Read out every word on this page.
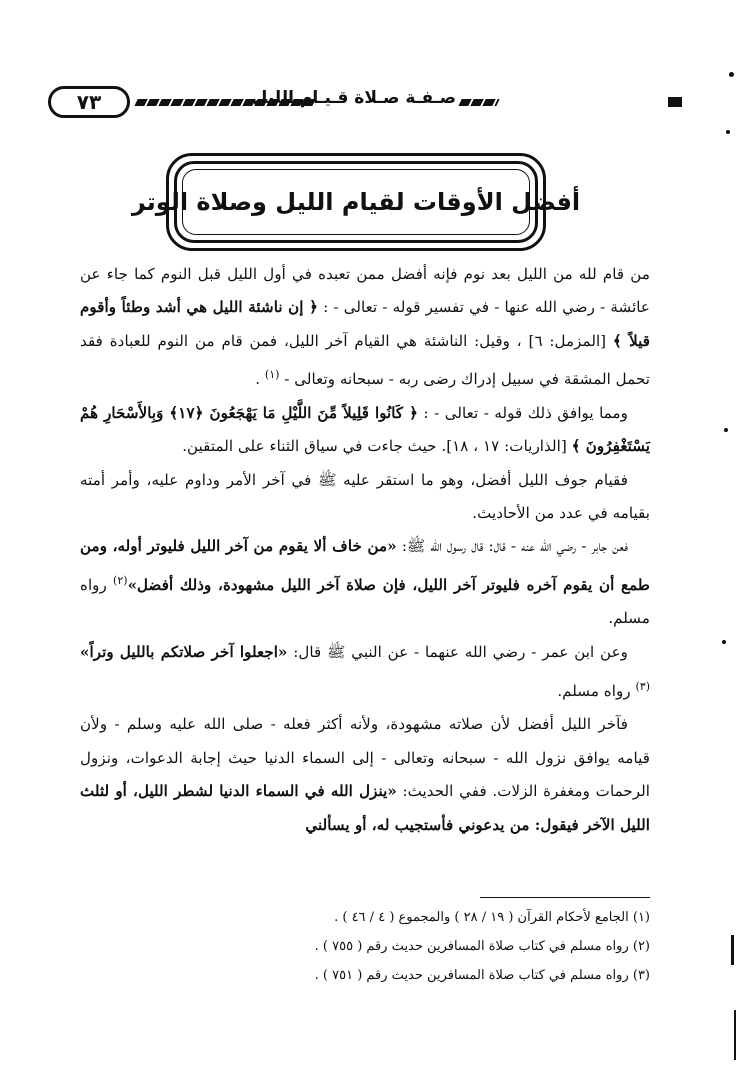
٧٣	صـفـة صـلاة قـيـام الليل
أفضل الأوقات لقيام الليل وصلاة الوتر

من قام لله من الليل بعد نوم فإنه أفضل ممن تعبده في أول الليل قبل النوم كما جاء عن عائشة - رضي الله عنها - في تفسير قوله - تعالى - : ﴿ إن ناشئة الليل هي أشد وطئاً وأقوم قيلاً ﴾ [المزمل: ٦] ، وقيل: الناشئة هي القيام آخر الليل، فمن قام من النوم للعبادة فقد تحمل المشقة في سبيل إدراك رضى ربه - سبحانه وتعالى - $^{(١)}$ .

ومما يوافق ذلك قوله - تعالى - : ﴿ كَانُوا قَلِيلاً مِّنَ اللَّيْلِ مَا يَهْجَعُونَ ﴿١٧﴾ وَبِالأَسْحَارِ هُمْ يَسْتَغْفِرُونَ ﴾ [الذاريات: ١٧ ، ١٨]. حيث جاءت في سياق الثناء على المتقين.

فقيام جوف الليل أفضل، وهو ما استقر عليه ﷺ في آخر الأمر وداوم عليه، وأمر أمته بقيامه في عدد من الأحاديث.

فعن جابر - رضي الله عنه - قال: قال رسول الله ﷺ: «من خاف ألا يقوم من آخر الليل فليوتر أوله، ومن طمع أن يقوم آخره فليوتر آخر الليل، فإن صلاة آخر الليل مشهودة، وذلك أفضل»$^{(٢)}$ رواه مسلم.

وعن ابن عمر - رضي الله عنهما - عن النبي ﷺ قال: «اجعلوا آخر صلاتكم بالليل وتراً» $^{(٣)}$ رواه مسلم.

فآخر الليل أفضل لأن صلاته مشهودة، ولأنه أكثر فعله - صلى الله عليه وسلم - ولأن قيامه يوافق نزول الله - سبحانه وتعالى - إلى السماء الدنيا حيث إجابة الدعوات، ونزول الرحمات ومغفرة الزلات. ففي الحديث: «ينزل الله في السماء الدنيا لشطر الليل، أو لثلث الليل الآخر فيقول: من يدعوني فأستجيب له، أو يسألني

(١) الجامع لأحكام القرآن ( ١٩ / ٢٨ ) والمجموع ( ٤ / ٤٦ ) .
(٢) رواه مسلم في كتاب صلاة المسافرين حديث رقم ( ٧٥٥ ) .
(٣) رواه مسلم في كتاب صلاة المسافرين حديث رقم ( ٧٥١ ) .
